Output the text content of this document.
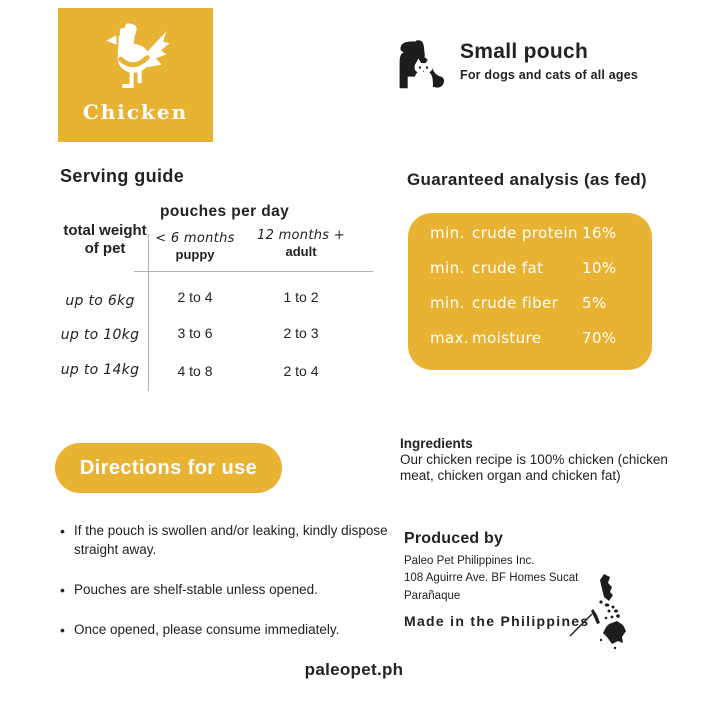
Chicken
Small pouch
For dogs and cats of all ages
Serving guide
pouches per day
total weight of pet
< 6 months
puppy
12 months +
adult
up to 6kg	2 to 4	1 to 2
up to 10kg	3 to 6	2 to 3
up to 14kg	4 to 8	2 to 4
Guaranteed analysis (as fed)
min. crude protein 16%
min. crude fat	10%
min. crude fiber	5%
max. moisture	70%
Directions for use
• If the pouch is swollen and/or leaking, kindly dispose straight away.
• Pouches are shelf-stable unless opened.
• Once opened, please consume immediately.
Ingredients
Our chicken recipe is 100% chicken (chicken meat, chicken organ and chicken fat)
Produced by
Paleo Pet Philippines Inc.
108 Aguirre Ave. BF Homes Sucat
Parañaque
Made in the Philippines
paleopet.ph
